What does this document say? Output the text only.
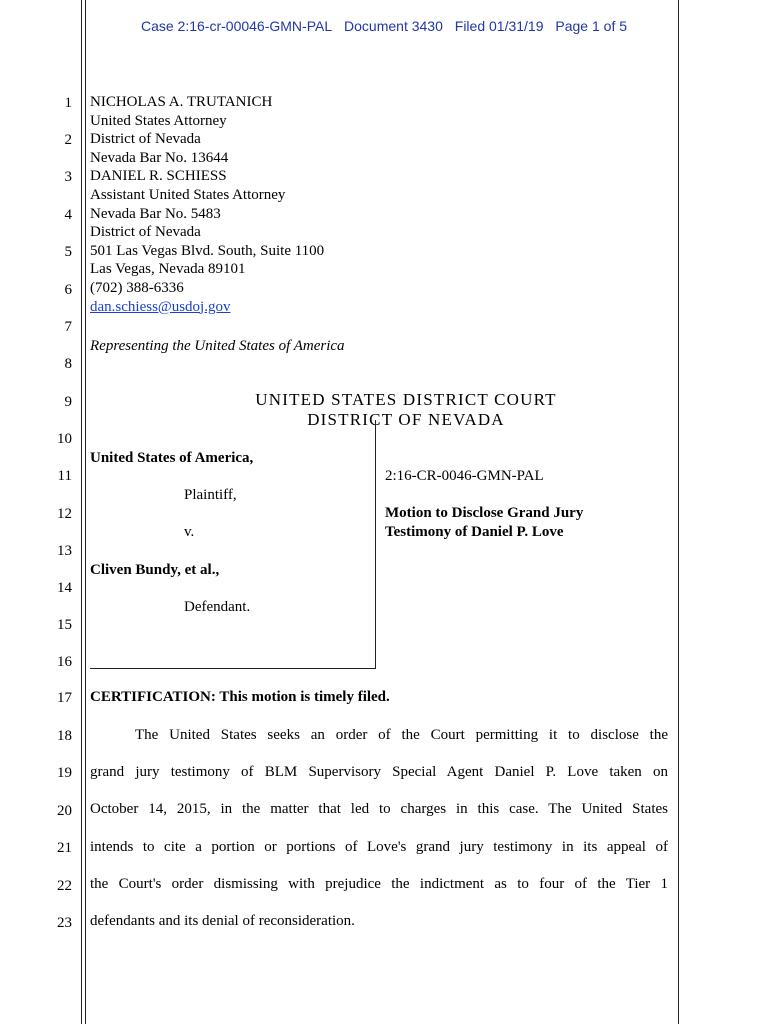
Case 2:16-cr-00046-GMN-PAL Document 3430 Filed 01/31/19 Page 1 of 5
1
2
3
4
5
6
7
8
9
10
11
12
13
14
15
16
17
18
19
20
21
22
23
NICHOLAS A. TRUTANICH
United States Attorney
District of Nevada
Nevada Bar No. 13644
DANIEL R. SCHIESS
Assistant United States Attorney
Nevada Bar No. 5483
District of Nevada
501 Las Vegas Blvd. South, Suite 1100
Las Vegas, Nevada 89101
(702) 388-6336
dan.schiess@usdoj.gov
Representing the United States of America
UNITED STATES DISTRICT COURT
DISTRICT OF NEVADA
United States of America,
Plaintiff,
v.
Cliven Bundy, et al.,
Defendant.
2:16-CR-0046-GMN-PAL
Motion to Disclose Grand Jury
Testimony of Daniel P. Love
CERTIFICATION: This motion is timely filed.
The United States seeks an order of the Court permitting it to disclose the
grand jury testimony of BLM Supervisory Special Agent Daniel P. Love taken on
October 14, 2015, in the matter that led to charges in this case. The United States
intends to cite a portion or portions of Love's grand jury testimony in its appeal of
the Court's order dismissing with prejudice the indictment as to four of the Tier 1
defendants and its denial of reconsideration.
